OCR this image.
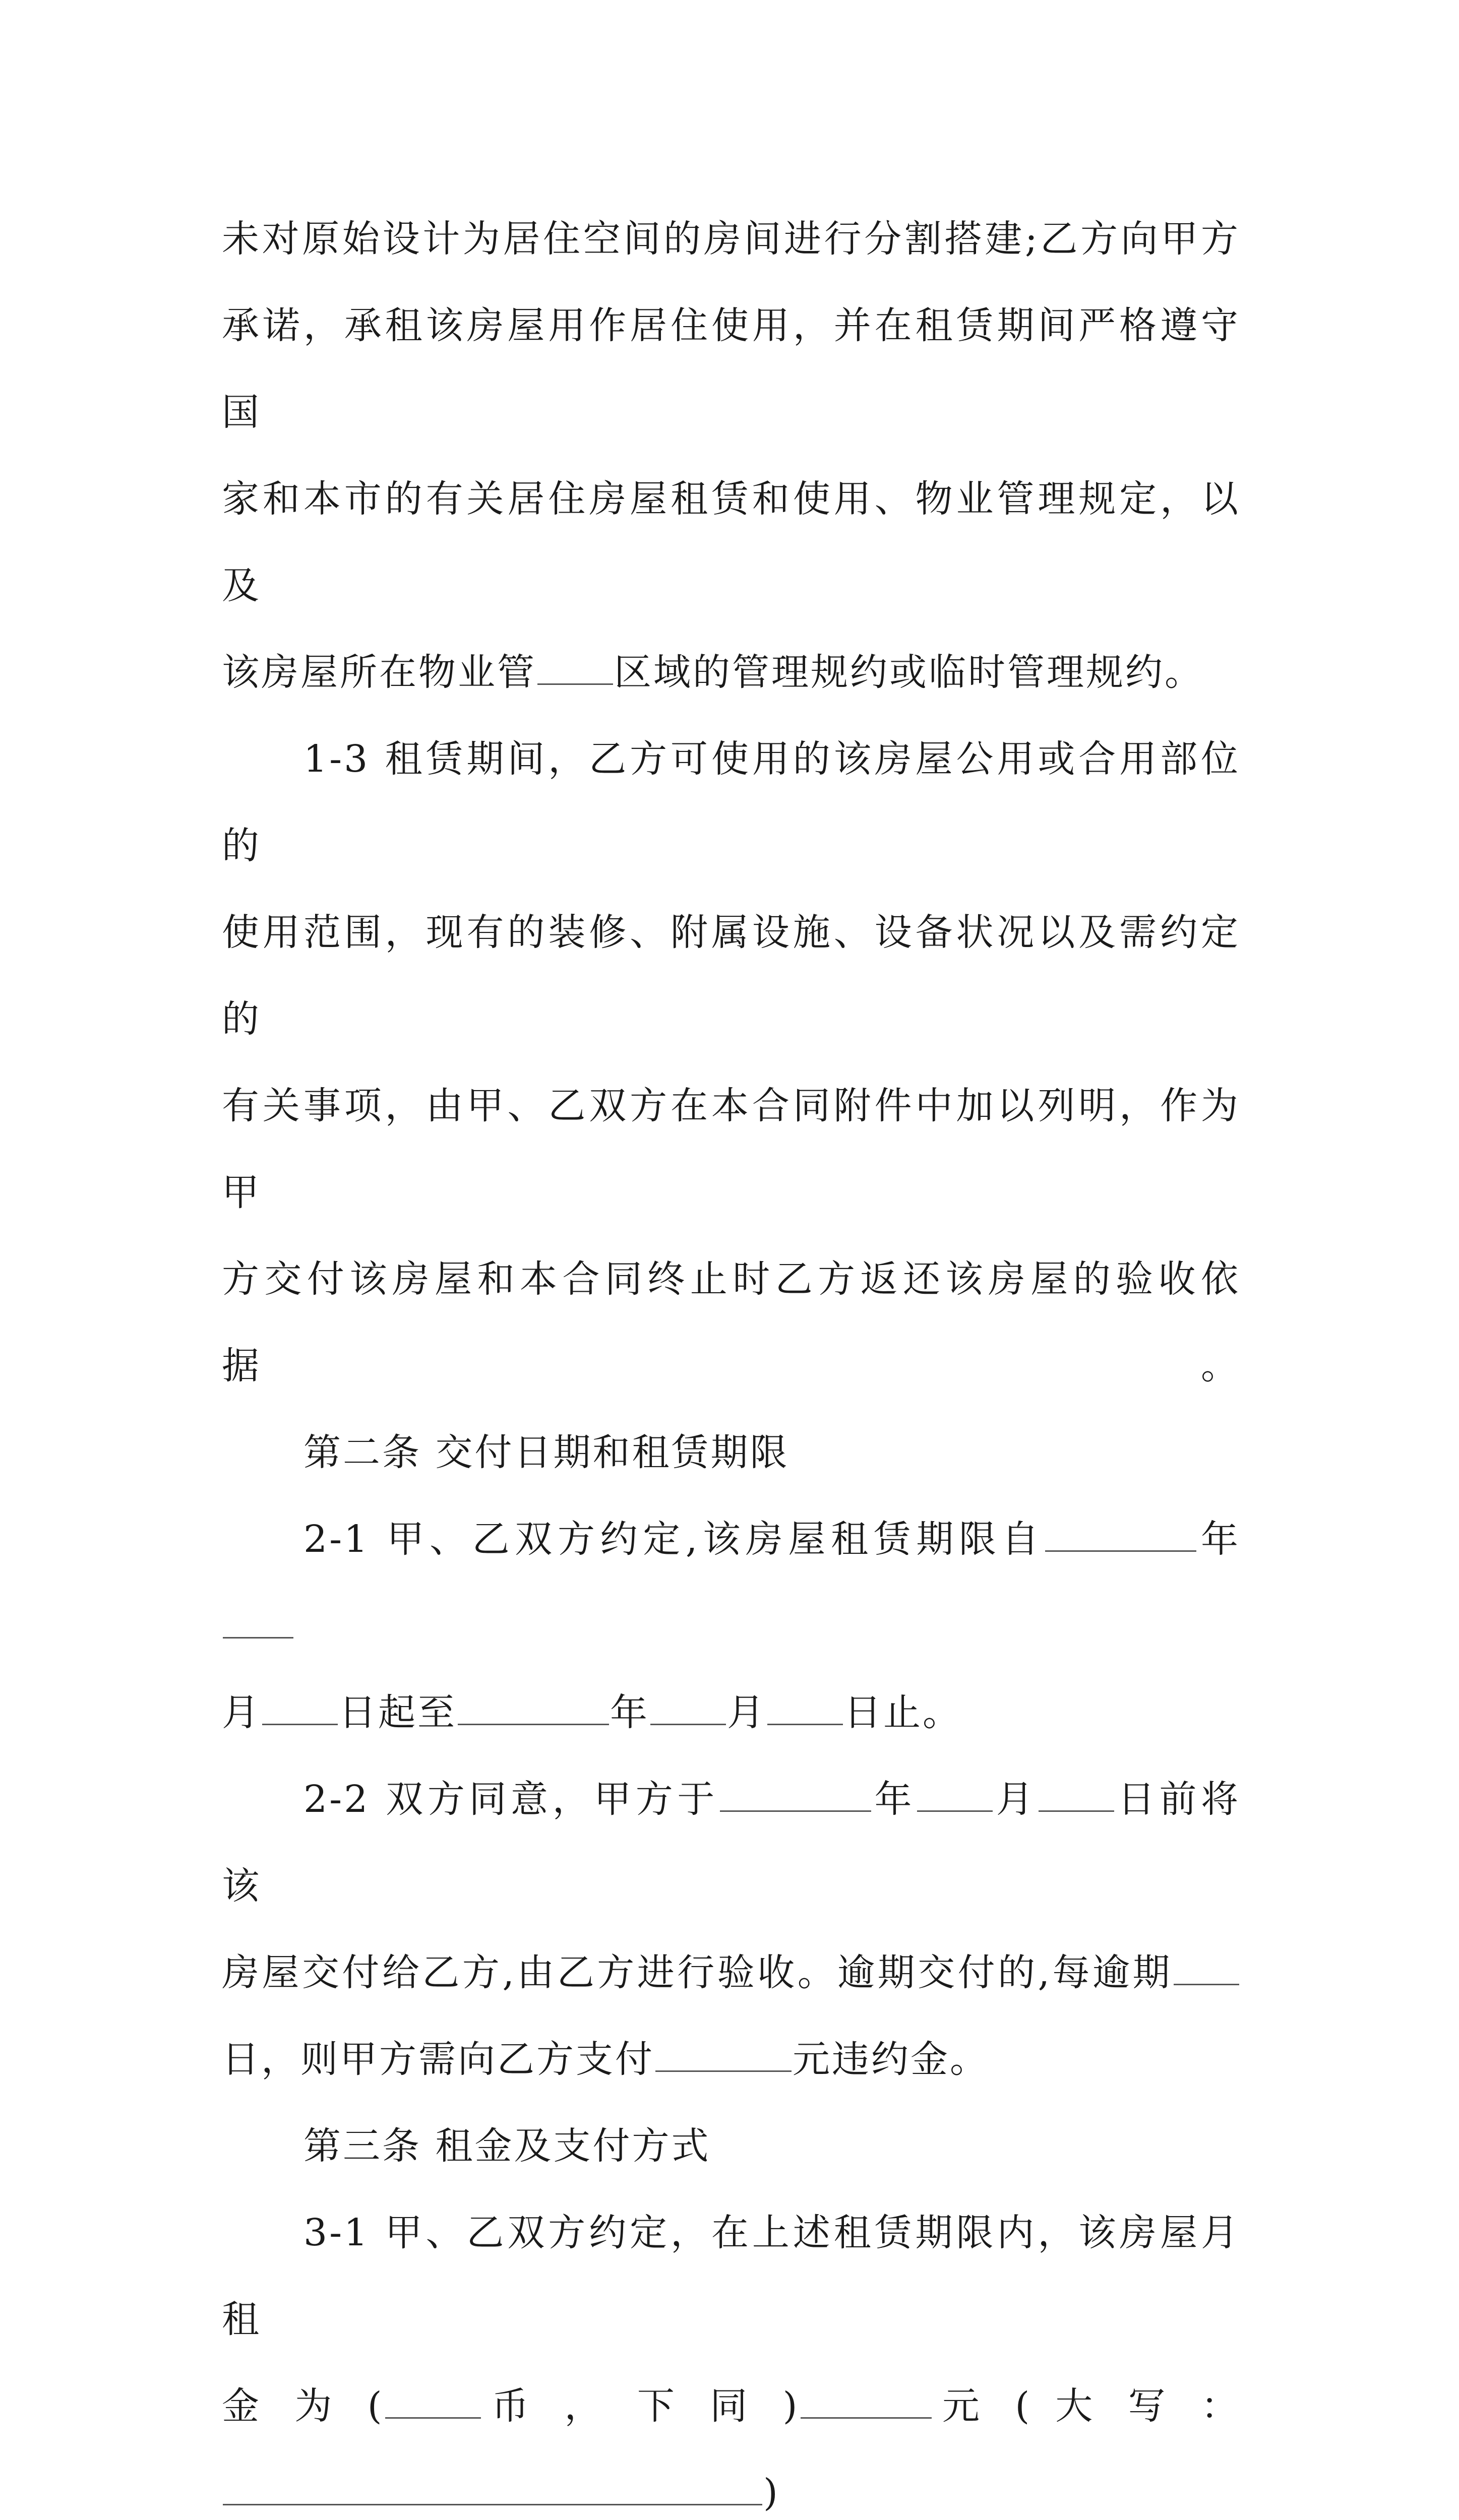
未对原始设计为居住空间的房间进行分割搭建;乙方向甲方
承诺，承租该房屋用作居住使用，并在租赁期间严格遵守国
家和本市的有关居住房屋租赁和使用、物业管理规定，以及
该房屋所在物业管 区域的管理规约或临时管理规约。
1-3 租赁期间，乙方可使用的该房屋公用或合用部位的
使用范围，现有的装修、附属设施、设备状况以及需约定的
有关事项，由甲、乙双方在本合同附件中加以列明，作为甲
方交付该房屋和本合同终止时乙方返还该房屋的验收依据。
第二条 交付日期和租赁期限
2-1 甲、乙双方约定,该房屋租赁期限自	年
月 日起至	年 月 日止。
2-2 双方同意，甲方于	年 月 日前将该
房屋交付给乙方,由乙方进行验收。逾期交付的,每逾期
日，则甲方需向乙方支付	元违约金。
第三条 租金及支付方式
3-1 甲、乙双方约定，在上述租赁期限内，该房屋月租
金 为 (	币 ， 下 同 )	元 ( 大 写 ：
)
